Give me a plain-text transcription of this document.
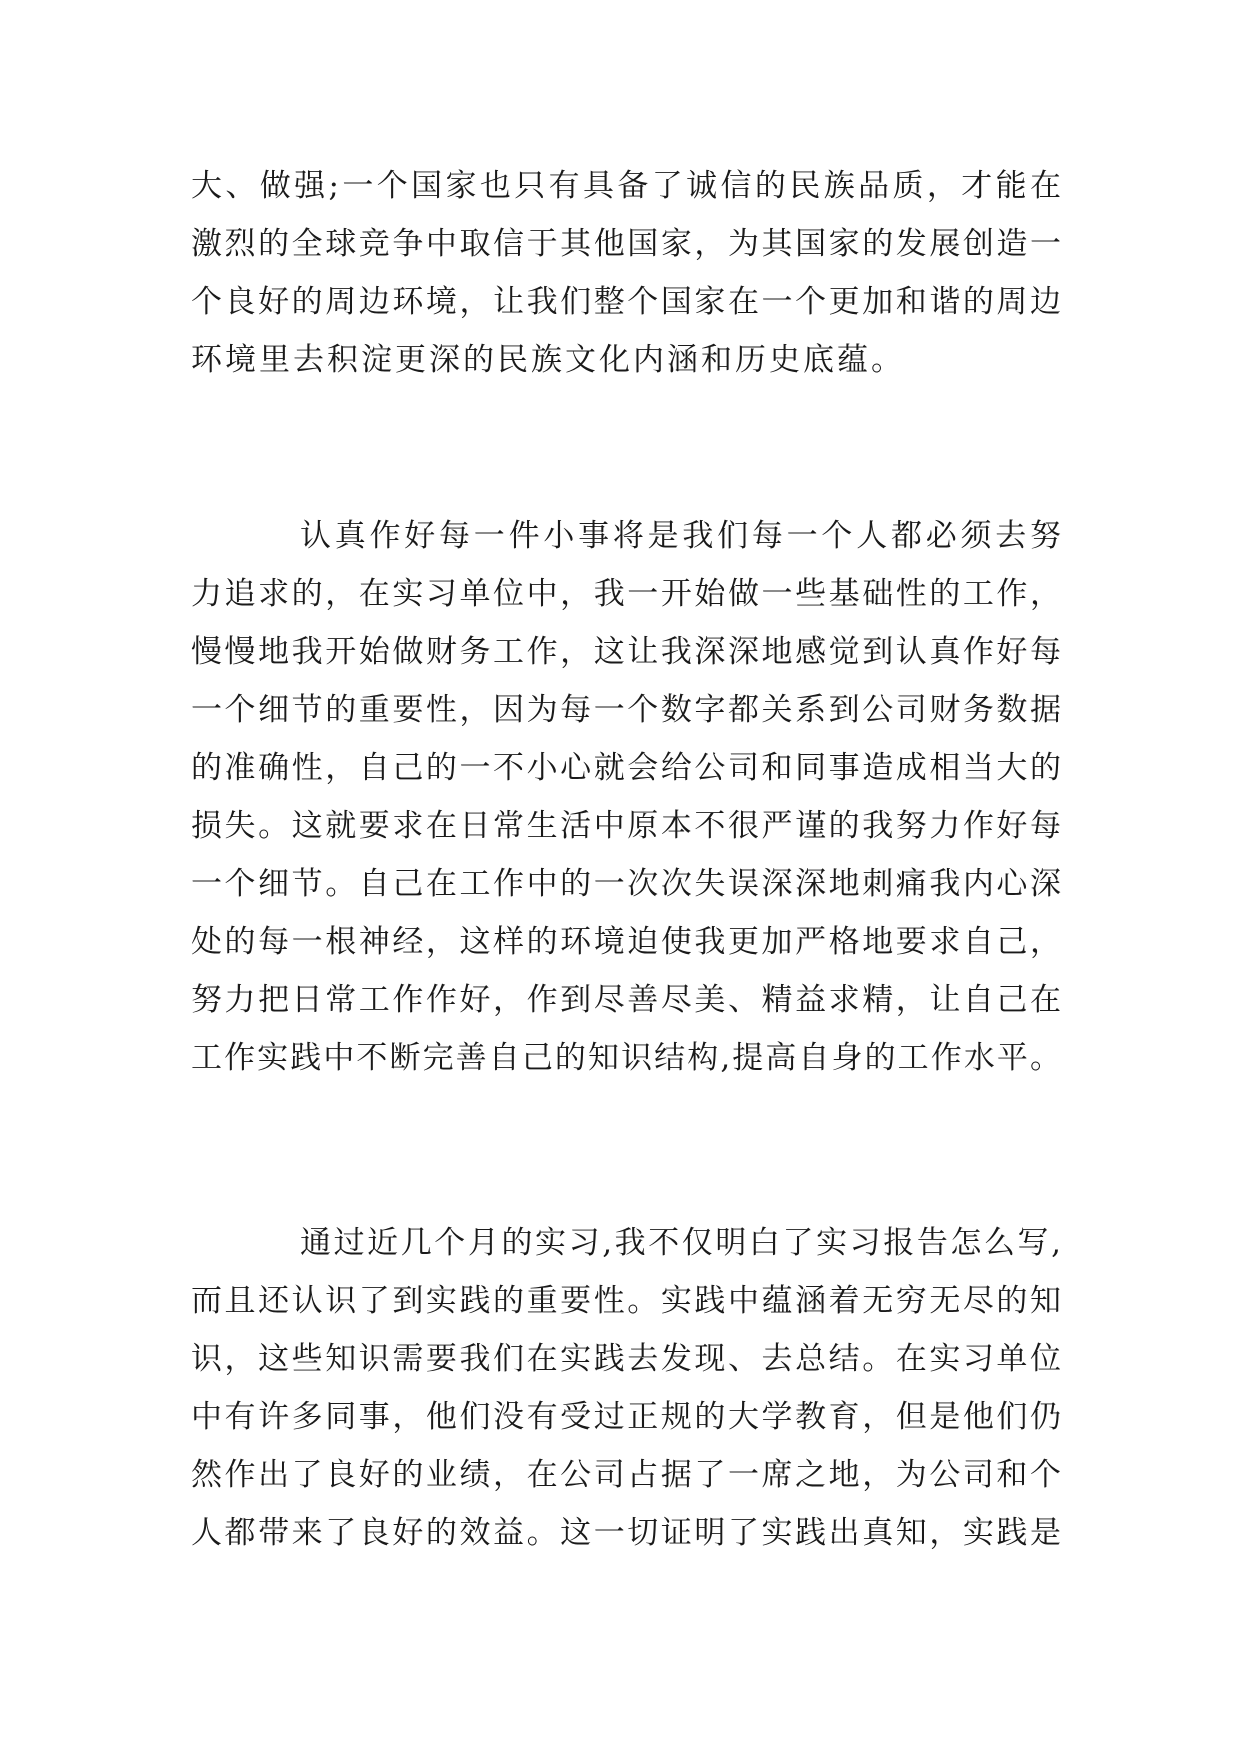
大、做强;一个国家也只有具备了诚信的民族品质，才能在
激烈的全球竞争中取信于其他国家，为其国家的发展创造一
个良好的周边环境，让我们整个国家在一个更加和谐的周边
环境里去积淀更深的民族文化内涵和历史底蕴。
认真作好每一件小事将是我们每一个人都必须去努
力追求的，在实习单位中，我一开始做一些基础性的工作，
慢慢地我开始做财务工作，这让我深深地感觉到认真作好每
一个细节的重要性，因为每一个数字都关系到公司财务数据
的准确性，自己的一不小心就会给公司和同事造成相当大的
损失。这就要求在日常生活中原本不很严谨的我努力作好每
一个细节。自己在工作中的一次次失误深深地刺痛我内心深
处的每一根神经，这样的环境迫使我更加严格地要求自己，
努力把日常工作作好，作到尽善尽美、精益求精，让自己在
工作实践中不断完善自己的知识结构,提高自身的工作水平。
通过近几个月的实习,我不仅明白了实习报告怎么写,
而且还认识了到实践的重要性。实践中蕴涵着无穷无尽的知
识，这些知识需要我们在实践去发现、去总结。在实习单位
中有许多同事，他们没有受过正规的大学教育，但是他们仍
然作出了良好的业绩，在公司占据了一席之地，为公司和个
人都带来了良好的效益。这一切证明了实践出真知，实践是
